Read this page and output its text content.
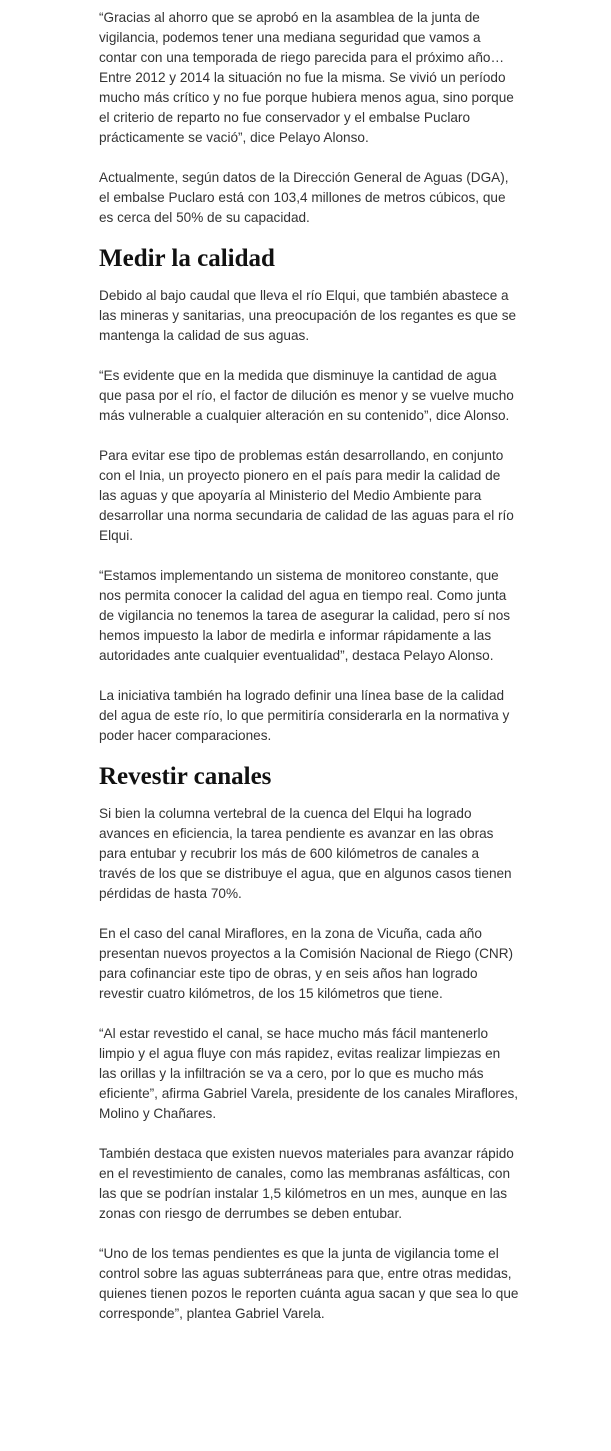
“Gracias al ahorro que se aprobó en la asamblea de la junta de vigilancia, podemos tener una mediana seguridad que vamos a contar con una temporada de riego parecida para el próximo año… Entre 2012 y 2014 la situación no fue la misma. Se vivió un período mucho más crítico y no fue porque hubiera menos agua, sino porque el criterio de reparto no fue conservador y el embalse Puclaro prácticamente se vació”, dice Pelayo Alonso.

Actualmente, según datos de la Dirección General de Aguas (DGA), el embalse Puclaro está con 103,4 millones de metros cúbicos, que es cerca del 50% de su capacidad.

Medir la calidad

Debido al bajo caudal que lleva el río Elqui, que también abastece a las mineras y sanitarias, una preocupación de los regantes es que se mantenga la calidad de sus aguas.

“Es evidente que en la medida que disminuye la cantidad de agua que pasa por el río, el factor de dilución es menor y se vuelve mucho más vulnerable a cualquier alteración en su contenido”, dice Alonso.

Para evitar ese tipo de problemas están desarrollando, en conjunto con el Inia, un proyecto pionero en el país para medir la calidad de las aguas y que apoyaría al Ministerio del Medio Ambiente para desarrollar una norma secundaria de calidad de las aguas para el río Elqui.

“Estamos implementando un sistema de monitoreo constante, que nos permita conocer la calidad del agua en tiempo real. Como junta de vigilancia no tenemos la tarea de asegurar la calidad, pero sí nos hemos impuesto la labor de medirla e informar rápidamente a las autoridades ante cualquier eventualidad”, destaca Pelayo Alonso.

La iniciativa también ha logrado definir una línea base de la calidad del agua de este río, lo que permitiría considerarla en la normativa y poder hacer comparaciones.

Revestir canales

Si bien la columna vertebral de la cuenca del Elqui ha logrado avances en eficiencia, la tarea pendiente es avanzar en las obras para entubar y recubrir los más de 600 kilómetros de canales a través de los que se distribuye el agua, que en algunos casos tienen pérdidas de hasta 70%.

En el caso del canal Miraflores, en la zona de Vicuña, cada año presentan nuevos proyectos a la Comisión Nacional de Riego (CNR) para cofinanciar este tipo de obras, y en seis años han logrado revestir cuatro kilómetros, de los 15 kilómetros que tiene.

“Al estar revestido el canal, se hace mucho más fácil mantenerlo limpio y el agua fluye con más rapidez, evitas realizar limpiezas en las orillas y la infiltración se va a cero, por lo que es mucho más eficiente”, afirma Gabriel Varela, presidente de los canales Miraflores, Molino y Chañares.

También destaca que existen nuevos materiales para avanzar rápido en el revestimiento de canales, como las membranas asfálticas, con las que se podrían instalar 1,5 kilómetros en un mes, aunque en las zonas con riesgo de derrumbes se deben entubar.

“Uno de los temas pendientes es que la junta de vigilancia tome el control sobre las aguas subterráneas para que, entre otras medidas, quienes tienen pozos le reporten cuánta agua sacan y que sea lo que corresponde”, plantea Gabriel Varela.
